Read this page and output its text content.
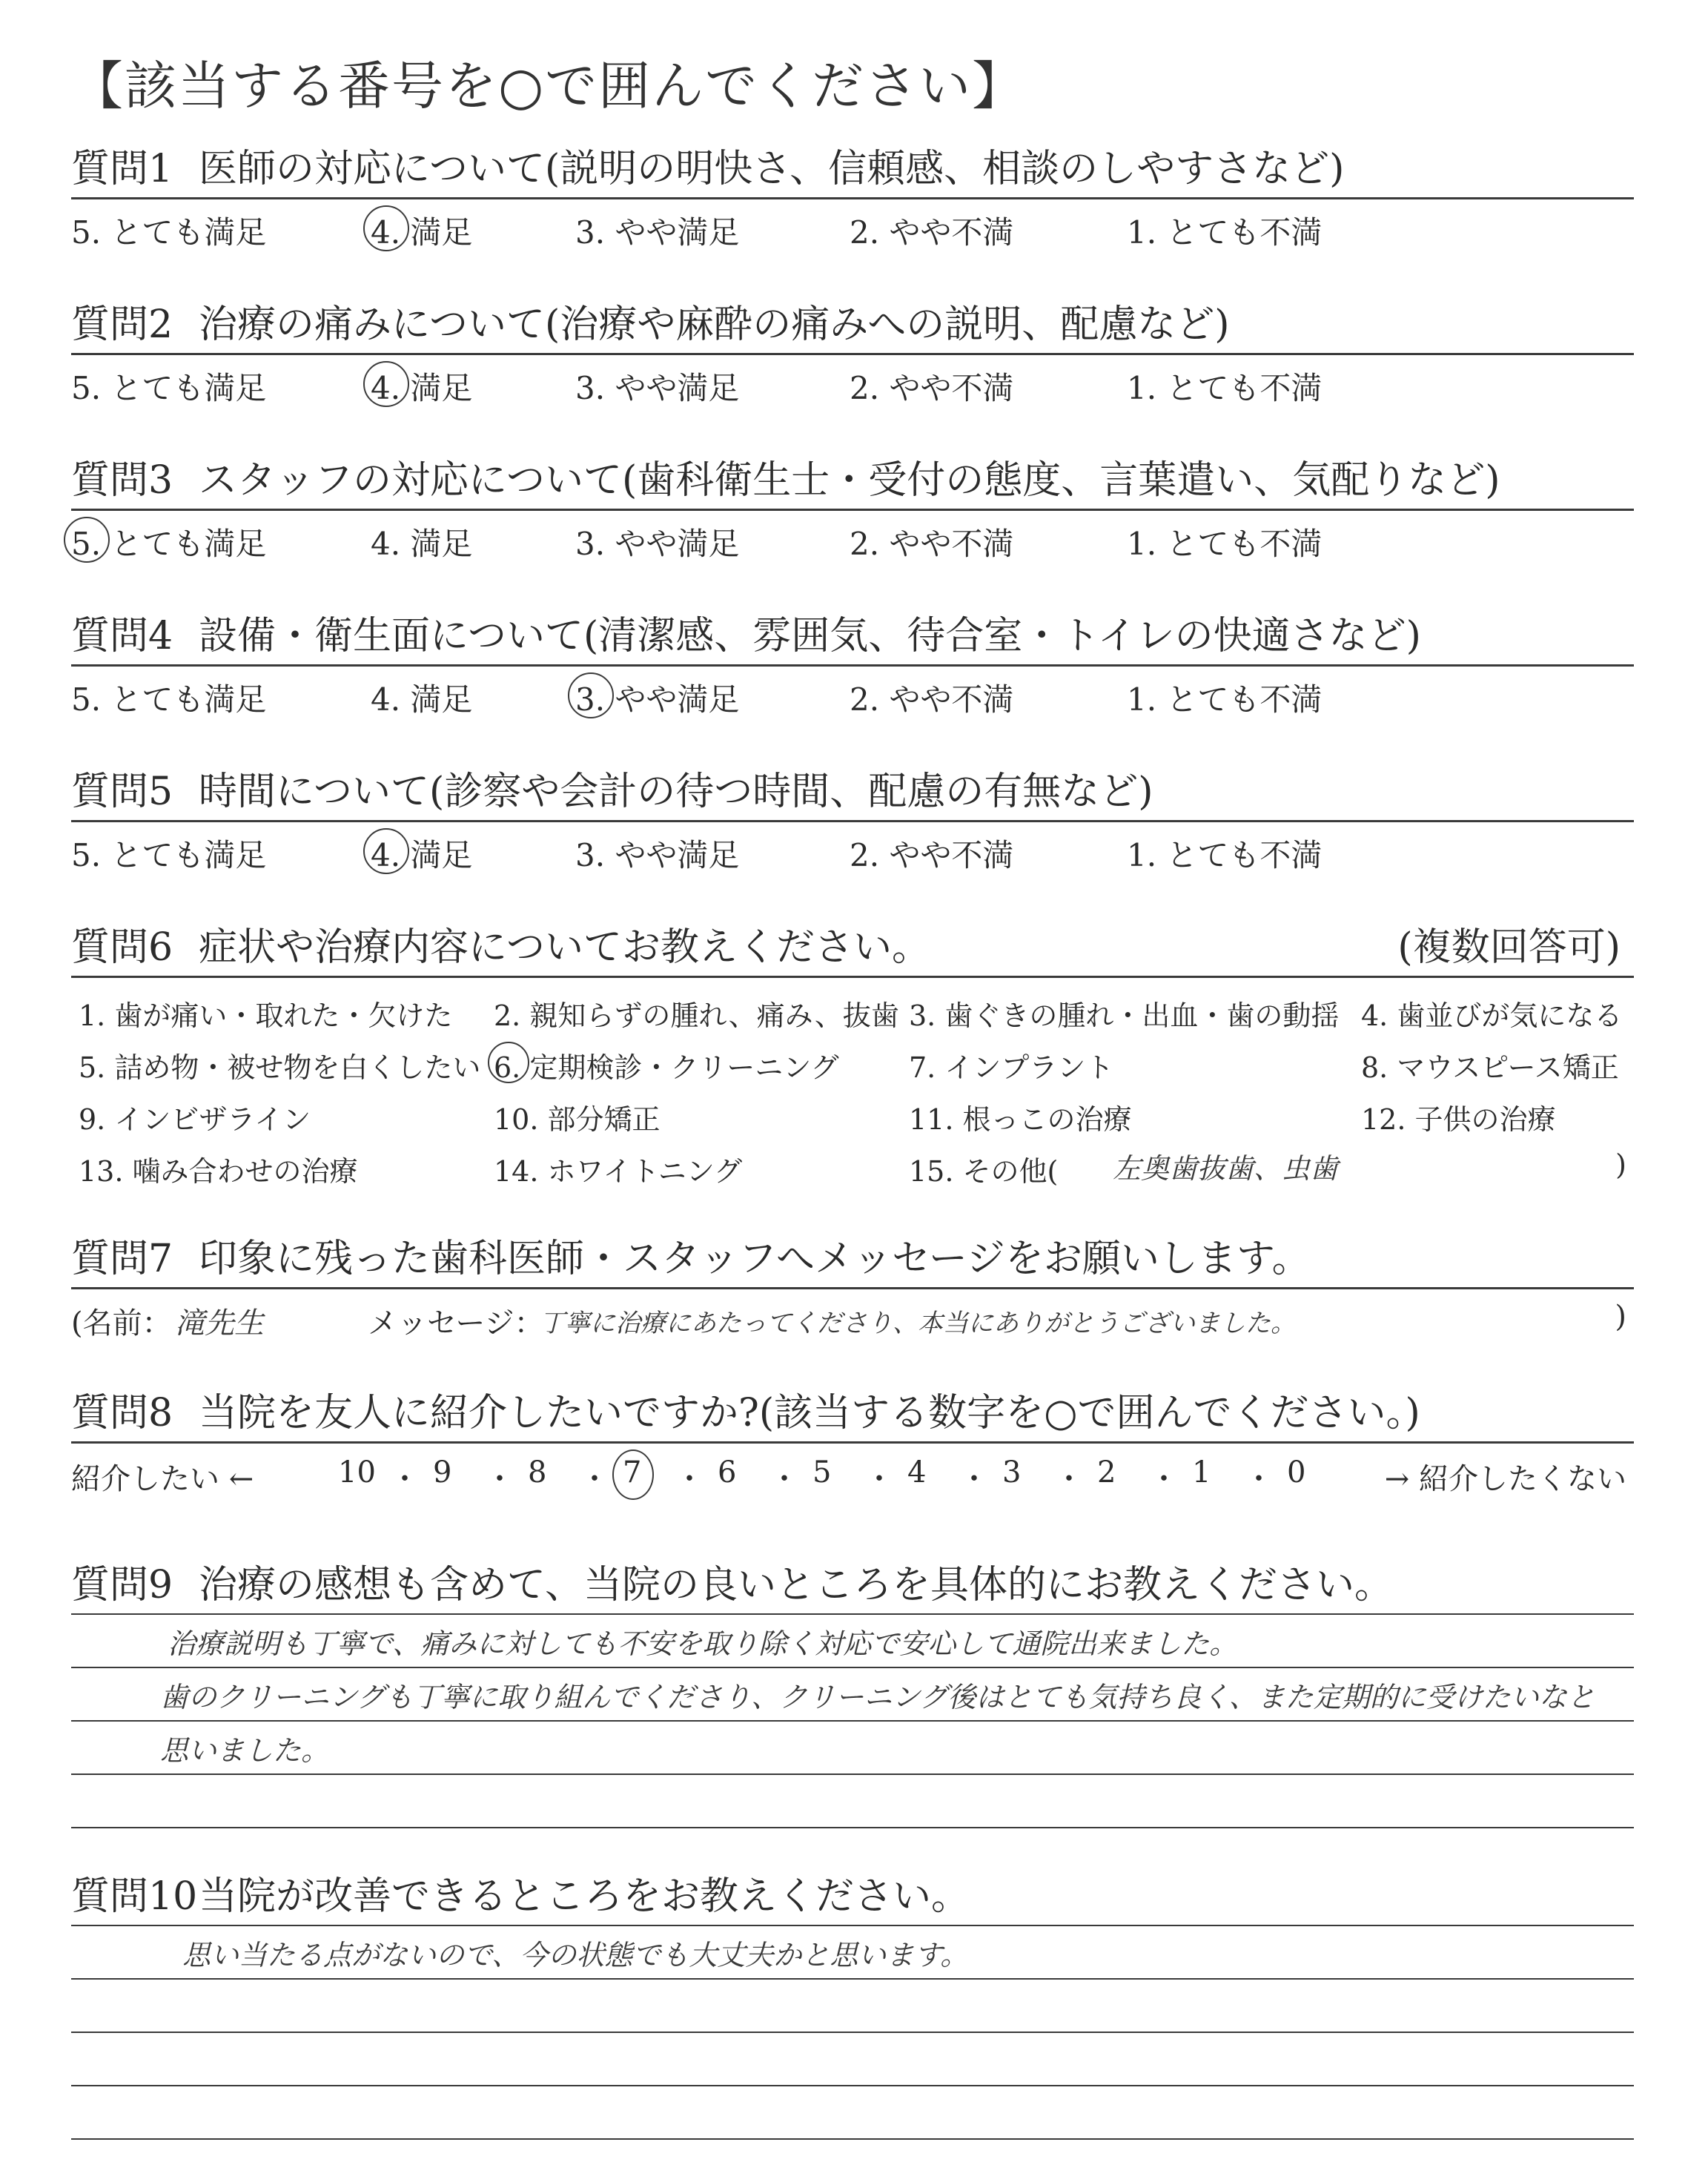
【該当する番号を○で囲んでください】
質問1 医師の対応について(説明の明快さ、信頼感、相談のしやすさなど)
5. とても満足	4. 満足	3. やや満足	2. やや不満	1. とても不満
質問2 治療の痛みについて(治療や麻酔の痛みへの説明、配慮など)
5. とても満足	4. 満足	3. やや満足	2. やや不満	1. とても不満
質問3 スタッフの対応について(歯科衛生士・受付の態度、言葉遣い、気配りなど)
5. とても満足	4. 満足	3. やや満足	2. やや不満	1. とても不満
質問4 設備・衛生面について(清潔感、雰囲気、待合室・トイレの快適さなど)
5. とても満足	4. 満足	3. やや満足	2. やや不満	1. とても不満
質問5 時間について(診察や会計の待つ時間、配慮の有無など)
5. とても満足	4. 満足	3. やや満足	2. やや不満	1. とても不満
質問6 症状や治療内容についてお教えください。	(複数回答可)
1. 歯が痛い・取れた・欠けた 2. 親知らずの腫れ、痛み、抜歯 3. 歯ぐきの腫れ・出血・歯の動揺 4. 歯並びが気になる
5. 詰め物・被せ物を白くしたい 6. 定期検診・クリーニング 7. インプラント	8. マウスピース矯正
9. インビザライン	10. 部分矯正	11. 根っこの治療	12. 子供の治療
13. 噛み合わせの治療	14. ホワイトニング	15. その他( 左奥歯抜歯、虫歯	)
質問7 印象に残った歯科医師・スタッフへメッセージをお願いします。
(名前： 滝先生	メッセージ：
丁寧に治療にあたってくださり、本当にありがとうございました。	)
質問8 当院を友人に紹介したいですか?(該当する数字を○で囲んでください。)
紹介したい ←	→ 紹介したくない
10 ・ 9 ・ 8 ・ 7 ・ 6 ・ 5 ・ 4 ・ 3 ・ 2 ・ 1 ・ 0
質問9 治療の感想も含めて、当院の良いところを具体的にお教えください。
治療説明も丁寧で、痛みに対しても不安を取り除く対応で安心して通院出来ました。
歯のクリーニングも丁寧に取り組んでくださり、クリーニング後はとても気持ち良く、また定期的に受けたいなと
思いました。
質問10当院が改善できるところをお教えください。
思い当たる点がないので、今の状態でも大丈夫かと思います。
